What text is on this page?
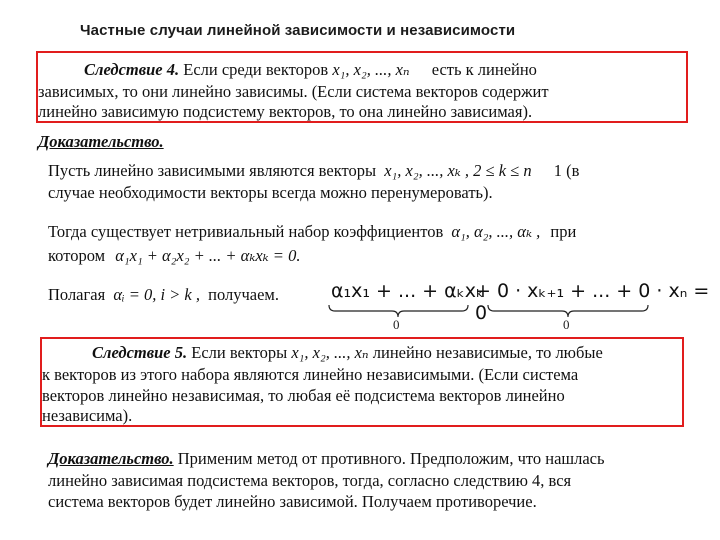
Частные случаи линейной зависимости и независимости
Следствие 4. Если среди векторов x₁, x₂, ..., xₙ есть к линейно
зависимых, то они линейно зависимы. (Если система векторов содержит
линейно зависимую подсистему векторов, то она линейно зависимая).
Доказательство.
Пусть линейно зависимыми являются векторы x₁, x₂, ..., xₖ , 2 ≤ k ≤ n 1 (в
случае необходимости векторы всегда можно перенумеровать).
Тогда существует нетривиальный набор коэффициентов α₁, α₂, ..., αₖ , при
котором α₁x₁ + α₂x₂ + ... + αₖxₖ = 0.
Полагая αᵢ = 0, i > k , получаем.	α₁x₁ + ... + αₖxₖ
+ 0 · xₖ₊₁ + ... + 0 · xₙ = 0
0	0
Следствие 5. Если векторы x₁, x₂, ..., xₙ линейно независимые, то любые
к векторов из этого набора являются линейно независимыми. (Если система
векторов линейно независимая, то любая её подсистема векторов линейно
независима).
Доказательство. Применим метод от противного. Предположим, что нашлась
линейно зависимая подсистема векторов, тогда, согласно следствию 4, вся
система векторов будет линейно зависимой. Получаем противоречие.
